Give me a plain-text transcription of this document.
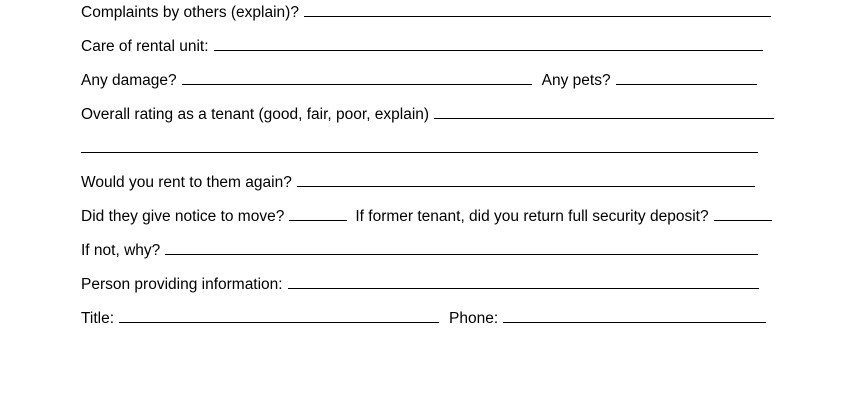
Complaints by others (explain)?
Care of rental unit:
Any damage?	Any pets?
Overall rating as a tenant (good, fair, poor, explain)
Would you rent to them again?
Did they give notice to move?	If former tenant, did you return full security deposit?
If not, why?
Person providing information:
Title:	Phone:
